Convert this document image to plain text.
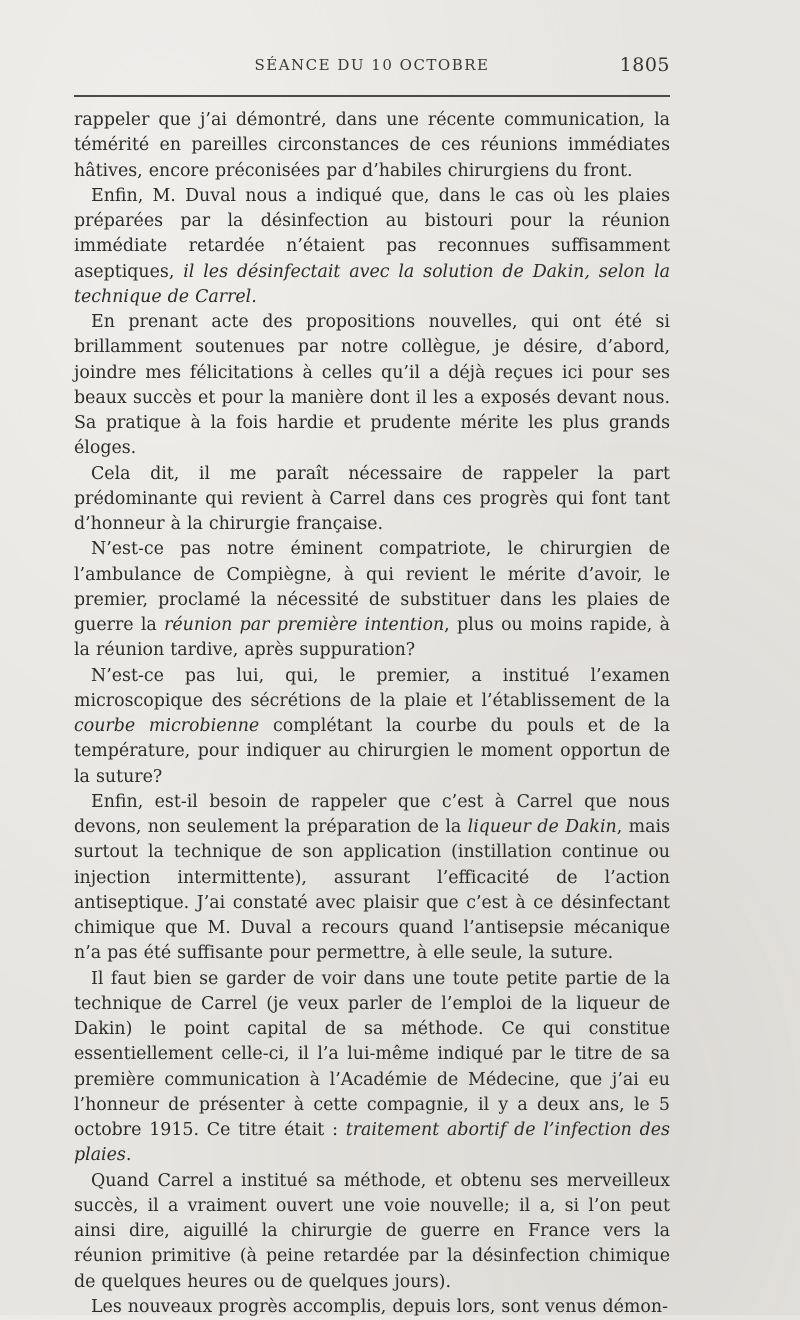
SÉANCE DU 10 OCTOBRE	1805

rappeler que j’ai démontré, dans une récente communication, la témérité en pareilles circonstances de ces réunions immédiates hâtives, encore préconisées par d’habiles chirurgiens du front.

Enfin, M. Duval nous a indiqué que, dans le cas où les plaies préparées par la désinfection au bistouri pour la réunion immédiate retardée n’étaient pas reconnues suffisamment aseptiques, il les désinfectait avec la solution de Dakin, selon la technique de Carrel.

En prenant acte des propositions nouvelles, qui ont été si brillamment soutenues par notre collègue, je désire, d’abord, joindre mes félicitations à celles qu’il a déjà reçues ici pour ses beaux succès et pour la manière dont il les a exposés devant nous. Sa pratique à la fois hardie et prudente mérite les plus grands éloges.

Cela dit, il me paraît nécessaire de rappeler la part prédominante qui revient à Carrel dans ces progrès qui font tant d’honneur à la chirurgie française.

N’est-ce pas notre éminent compatriote, le chirurgien de l’ambulance de Compiègne, à qui revient le mérite d’avoir, le premier, proclamé la nécessité de substituer dans les plaies de guerre la réunion par première intention, plus ou moins rapide, à la réunion tardive, après suppuration?

N’est-ce pas lui, qui, le premier, a institué l’examen microscopique des sécrétions de la plaie et l’établissement de la courbe microbienne complétant la courbe du pouls et de la température, pour indiquer au chirurgien le moment opportun de la suture?

Enfin, est-il besoin de rappeler que c’est à Carrel que nous devons, non seulement la préparation de la liqueur de Dakin, mais surtout la technique de son application (instillation continue ou injection intermittente), assurant l’efficacité de l’action antiseptique. J’ai constaté avec plaisir que c’est à ce désinfectant chimique que M. Duval a recours quand l’antisepsie mécanique n’a pas été suffisante pour permettre, à elle seule, la suture.

Il faut bien se garder de voir dans une toute petite partie de la technique de Carrel (je veux parler de l’emploi de la liqueur de Dakin) le point capital de sa méthode. Ce qui constitue essentiellement celle-ci, il l’a lui-même indiqué par le titre de sa première communication à l’Académie de Médecine, que j’ai eu l’honneur de présenter à cette compagnie, il y a deux ans, le 5 octobre 1915. Ce titre était : traitement abortif de l’infection des plaies.

Quand Carrel a institué sa méthode, et obtenu ses merveilleux succès, il a vraiment ouvert une voie nouvelle; il a, si l’on peut ainsi dire, aiguillé la chirurgie de guerre en France vers la réunion primitive (à peine retardée par la désinfection chimique de quelques heures ou de quelques jours).

Les nouveaux progrès accomplis, depuis lors, sont venus démon-
